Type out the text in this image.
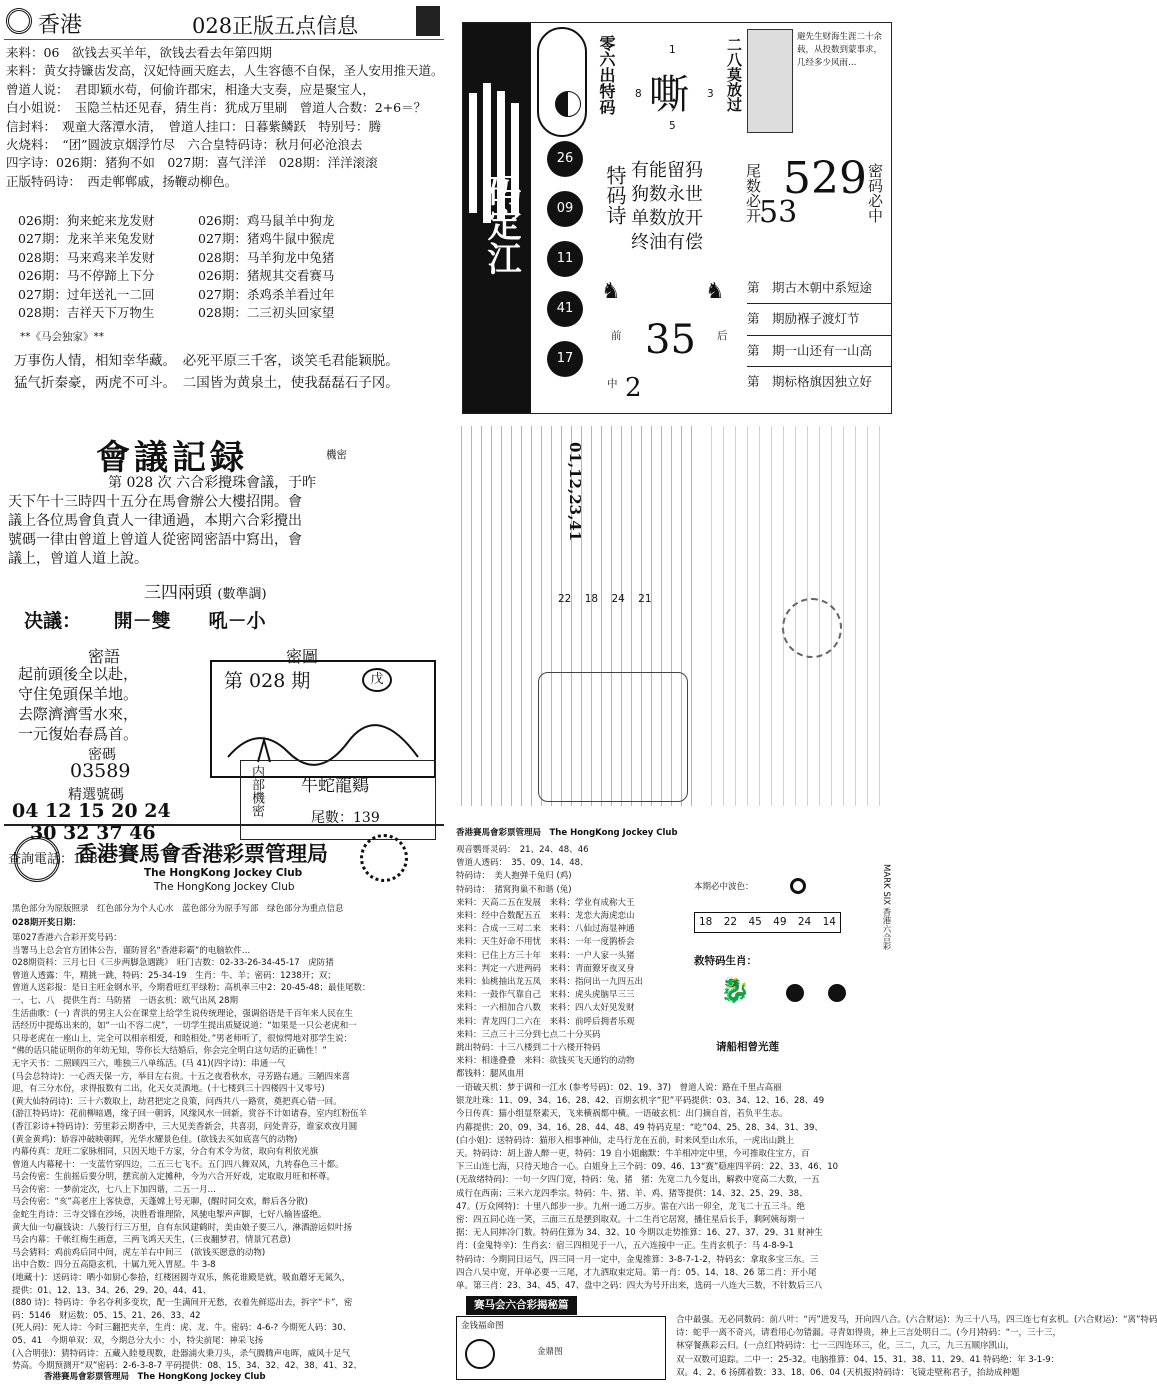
香港	028正版五点信息
来料：06　欲钱去买羊年，欲钱去看去年第四期
来料：黄女持镰齿发高，汉妃恃画天庭去，人生容德不自保，圣人安用推天道。
曾道人说：　君即颖水苟，何偷许郡宋，相逢大支奏，应是聚宝人，
白小姐说：　玉隐兰枯还见春，猜生肖：犹成万里刷　曾道人合数：2+6＝？
信封料：　观童大落潭水清，　曾道人挂口：日暮紫鳞跃　特别号：腾
火烧料：　“团”圆波京烟浮竹尽　六合皇特码诗：秋月何必沧浪去
四字诗：026期：猪狗不如　027期：喜气洋洋　028期：洋洋滚滚
正版特码诗：　西走郸郸戚，扬鞭动柳色。
026期：狗来蛇来龙发财	026期：鸡马鼠羊中狗龙
027期：龙来羊来兔发财	027期：猪鸡牛鼠中猴虎
028期：马来鸡来羊发财	028期：马羊狗龙中兔猪
026期：马不停蹄上下分	026期：猪规其交看赛马
027期：过年送礼一二回	027期：杀鸡杀羊看过年
028期：吉祥天下万物生	028期：二三初头回家望
**《马会独家》**
万事伤人情，相知幸华藏。　必死平原三千客，谈笑毛君能颖脱。
猛气折秦豪，两虎不可斗。　二国皆为黄泉土，使我磊磊石子冈。
码定江
零六出特码 嘶
1
8	3
5
二八莫放过	避先生财海生涯二十余载，从投数到蒙事求，几经多少风雨…
26
09
11
41
17
特码诗 有能留犸
狗数永世
单数放开
终油有偿
尾数必开 529
53	密码必中
♞	♞
前	后
35
中 2
第　期古木朝中系短途
第　期励褓子渡灯节
第　期一山还有一山高
第　期标格旗因独立好
會議記録	機密
第 028 次 六合彩攪珠會議，于昨
天下午十三時四十五分在馬會辦公大樓招開。會
議上各位馬會負責人一律通過，本期六合彩攪出
號碼一律由曾道上曾道人從密岡密語中寫出，會
議上，曾道人道上說。
三四兩頭 (數準調)
决議： 開－雙　　吼－小
密語	密圖
起前頭後全以赴，
守住兔頭保羊地。
去際濟濟雪水來，
一元復始春爲首。
第 028 期	戊
密碼
03589
精選號碼
04 12 15 20 24
30 32 37 46
内部機密 牛蛇龍鷄
尾數：139
查詢電話：1888
01,12,23,41
22 18 24 21
香港賽馬會香港彩票管理局
The HongKong Jockey Club
The HongKong Jockey Club
黑色部分为原版照录　红色部分为个人心水　蓝色部分为原手写部　绿色部分为重点信息
028期开奖日期：
第027香港六合彩开奖号码：
当署马上总会官方团体公告，谨防冒名“香港彩霸”的电脑软件…
028期资料：三月七日《三步两脚急遇跳》　旺门吉数：02-33-26-34-45-17　虎防猪
曾道人透露：牛，精挑一跳，特码：25-34-19　生肖：牛、羊；密码：1238开；双；
曾道人送彩报：是日主旺金钢水平，今期看旺红平绿粉；高机率三中2：20-45-48；最佳尾数：
一、七、八　提供生肖：马防猪　一语玄机：欧气出风 28期
生活曲歌：(一) 青洪的男主人公在课堂上给学生说传统理论，强调俗语是千百年来人民在生
活经历中提炼出来的，如“一山不容二虎”，一切学生提出质疑说道：“如果是一只公老虎和一
只母老虎在一座山上，完全可以相亲相爱，和睦相处。”男老师听了，很惊愕地对那学生说：
“佛的话只能证明你的年幼无知，等你长大结婚后，你会完全明白这句话的正确性！”
无字天书：二照顾四三六，唯独三八单练活。(马 41)(四字诗)：串通一气
(马会总特诗)：一心西天保一方，举目左右贵。十五之夜看秋水，寻芳路右通。三陋四来喜
迎，有三分水份，求得报数有二出，化天女灵酒地。(十七楼到三十四楼四十又零号)
(黄大仙特码诗)：三十六数取上，劫君把定之良策，问西共八一路赏，奠把真心错一回。
(游江特码诗)：花前柳暗遇，缘子回一朝诉，风缘风水一回新，赏谷不计如诸春，室内红粉伍羊
(香江彩诗+特码诗)：劳里彩云期香中，三大见美香新会，共喜羽，问处青芬，谁家欢夜月圆
(黄金黄鸡)：娇容冲破映朝晖，光华水耀景色佳。(欲钱去买如底喜气的动物)
内幕传真：龙旺二家脉相同，只因天地千方家，分合有术令为贫，取向有利依光旗
曾道人内幕秘十：一支蓝竹穿四边，二五三七飞不。五门四八舞双风，九转春色三十都。
马会传密：生前摇后要分明，摆宾前入定摊种，今为六合开好戏，定取取月旺和杯尊。
马会传密：一梦前定次，七八上下加四谐，二五一月…
马会传密：“亥”高老庄上客快意，天蓬嫦上号无聊，(醒时同交欢，醉后各分散)
金蛇生肖诗：三寺交锋在沙场，决胜看谁理阶，风驰电掣声声脚，七好八输皆盛绝。
黄大仙一句赢钱诀：八骏行行三万里，自有东风建鹤时，美由娘子要三八，淋酒游运似叶扬
马会内幕：千帐红梅生画意，三两飞鸿天天生，(三夜翻梦君，情景冗君意)
马会猜料：鸡前鸡后同中间，虎左羊右中间三　(欲钱买愿意的动物)
出中合数：四分五高隐玄机，十属九死入胃屋。牛 3-8
(地藏十)：送码诗：晒小如厨心参拾，红楼困圆寺双乐，熊花谁殿是就，吸血蘑牙无氮久，
提供：01、12、13、34、26、29、20、44、41、
(880 诗)：特码诗：争名夺利多变坎，配一生满间开无愁，衣着先鲜巡出去，拆字“卡”，密
码：5146　财运数：05、15、21、26、33、42
(死人码)：死人诗：今时三翻把夹辛，生肖：虎、龙、牛。密码：4-6-? 今期死人码：30、
05、41　今期单双：双，今期总分大小：小，特尖前尾：神采飞扬
(入合明张)：猜特码诗：五藏入睦曼现数，赴器浦火秉刀头，杀气腾腾声电晖，威风十足气
势高。今期预测开“双”密码：2-6-3-8-7 平码提供：08、15、34、32、42、38、41、32、
香港賽馬會彩票管理局　The HongKong Jockey Club
香港賽馬會彩票管理局　The HongKong Jockey Club
观音鹦哥灵码：　21、24、48、46
曾道人透码：　35、09、14、48、
特码诗：　美人抱弹千兔归 (鸡)
特码诗：　猪窝狗巢不和谐 (兔)
来料：天高二五在发展　来料：学业有成称大王
来料：经中合数配五五　来料：龙恋大海虎恋山
来料：合成一三对二来　来料：八仙过海显神通
来料：天生好命不用忧　来料：一年一度鹊桥会
来料：已住上方三十年　来料：一户人家一头猪
来料：判定一六进两码　来料：青面獠牙夜叉身
来料：仙桃抽出龙五凤　来料：指问出一九四五出
来料：一鼓作气靠自己　来料：虎头虎脑早三三
来料：一六相加合八数　来料：四八太好见发财
来料：青龙四门二六在　来料：前呼后拥者乐观
来料：三点三十三分到七点二十分买码
跳出特码：十三八楼到二十六楼开特码
来料：相逢叠叠　来料：欲钱买飞天通钓的动物
都钱料：腿风血用
本期必中波色：
18 22 45 49 24 14
救特码生肖：
🐉
请船相曾光莲
MARK SIX 香港六合彩
一语破天机：梦于调和一江水 (参考号码)：02、19、37)　曾道人说：路在千里占高丽
银龙吐珠：11、09、34、16、28、42、百期玄机字“犯”平码提供：03、34、12、16、28、49
今日传真：猫小组显祭素天，飞来横祸都中横。一语破玄机：出门摘自首，若负平生志。
内幕提供：20、09、34、16、28、44、48、49 特码克星：“吃”04、25、28、34、31、39、
(白小姐)：送特码诗：猫形入相事神仙，走马行龙在五前，时来风至山水乐，一虎出山跳上
天。特码诗：胡上游人醉一更，特码：19 自小姐幽默：牛羊相冲定中里，今可推取住宝方，百
下三山连七海，只待天地合一心。白姐身上三个码：09、46、13“赛”稳座四平码：22、33、46、10
(无敌绪特码)：一句一夕四门宽，特码：兔、猪　猪：先宽二九今复出，解救中宽高二大数，一五
成行在西南；三米六龙四季宗。特码：牛、猪、羊、鸡、猪等提供：14、32、25、29、38、
47。(万众网特)：十里八郎步一步。九州一通二万步。雷在六出一卯全，龙飞二十五三斗。绝
密：四五同心连一笑，三面三五是摆到取双。十二生肖它居窝，播住星后长手，剩阿姨每期一
据：无人同摔冷门数。特码住算为 34、32、10 今期以走势推算：16、27、37、29、31 财神生
肖：(金鬼特辛)：生肖玄：宿三四相见于一八，五六连接中一正。生肖玄机子：马 4-8-9-1
特码诗：今期同日运气，四三同一月一定中，金鬼推算：3-8-7-1-2，特码玄：拿取多宝三东。三
四合八吴中宽，开单必要一三尾，才九洒取束定局。第一肖：05、14、18、26 第二肖：开小尾
单。第三肖：23、34、45、47、盘中之码：四大为号开出来，选码一八连大三数，不针数后三八
赛马会六合彩揭秘篇
金钱福命图
金鼎图
合中最强。无必同数码：前八叶：“丙”进发马，开向四八合。(六合财运)：为三十八马，四三连七有玄机。(六合财运)：“离”特码
诗：蛇乎一离不奇兴，请看用心勿错漏。寻青如得贵，神上三言处明日二。(今月)特码：“一，三十三，
林穿餐燕彩云归。(一点红)特码诗：七一三四连环三，化，三二，九三，九三五顺序凯山，
双一双数可追踪。二中一：25-32。电脑推算：04、15、31、38、11、29、41 特码绝：年 3-1-9：
双。4、2、6 扬掷着数：33、18、06、04 (天机报)特码诗：飞镜走壁称君子，抬劫成种题
